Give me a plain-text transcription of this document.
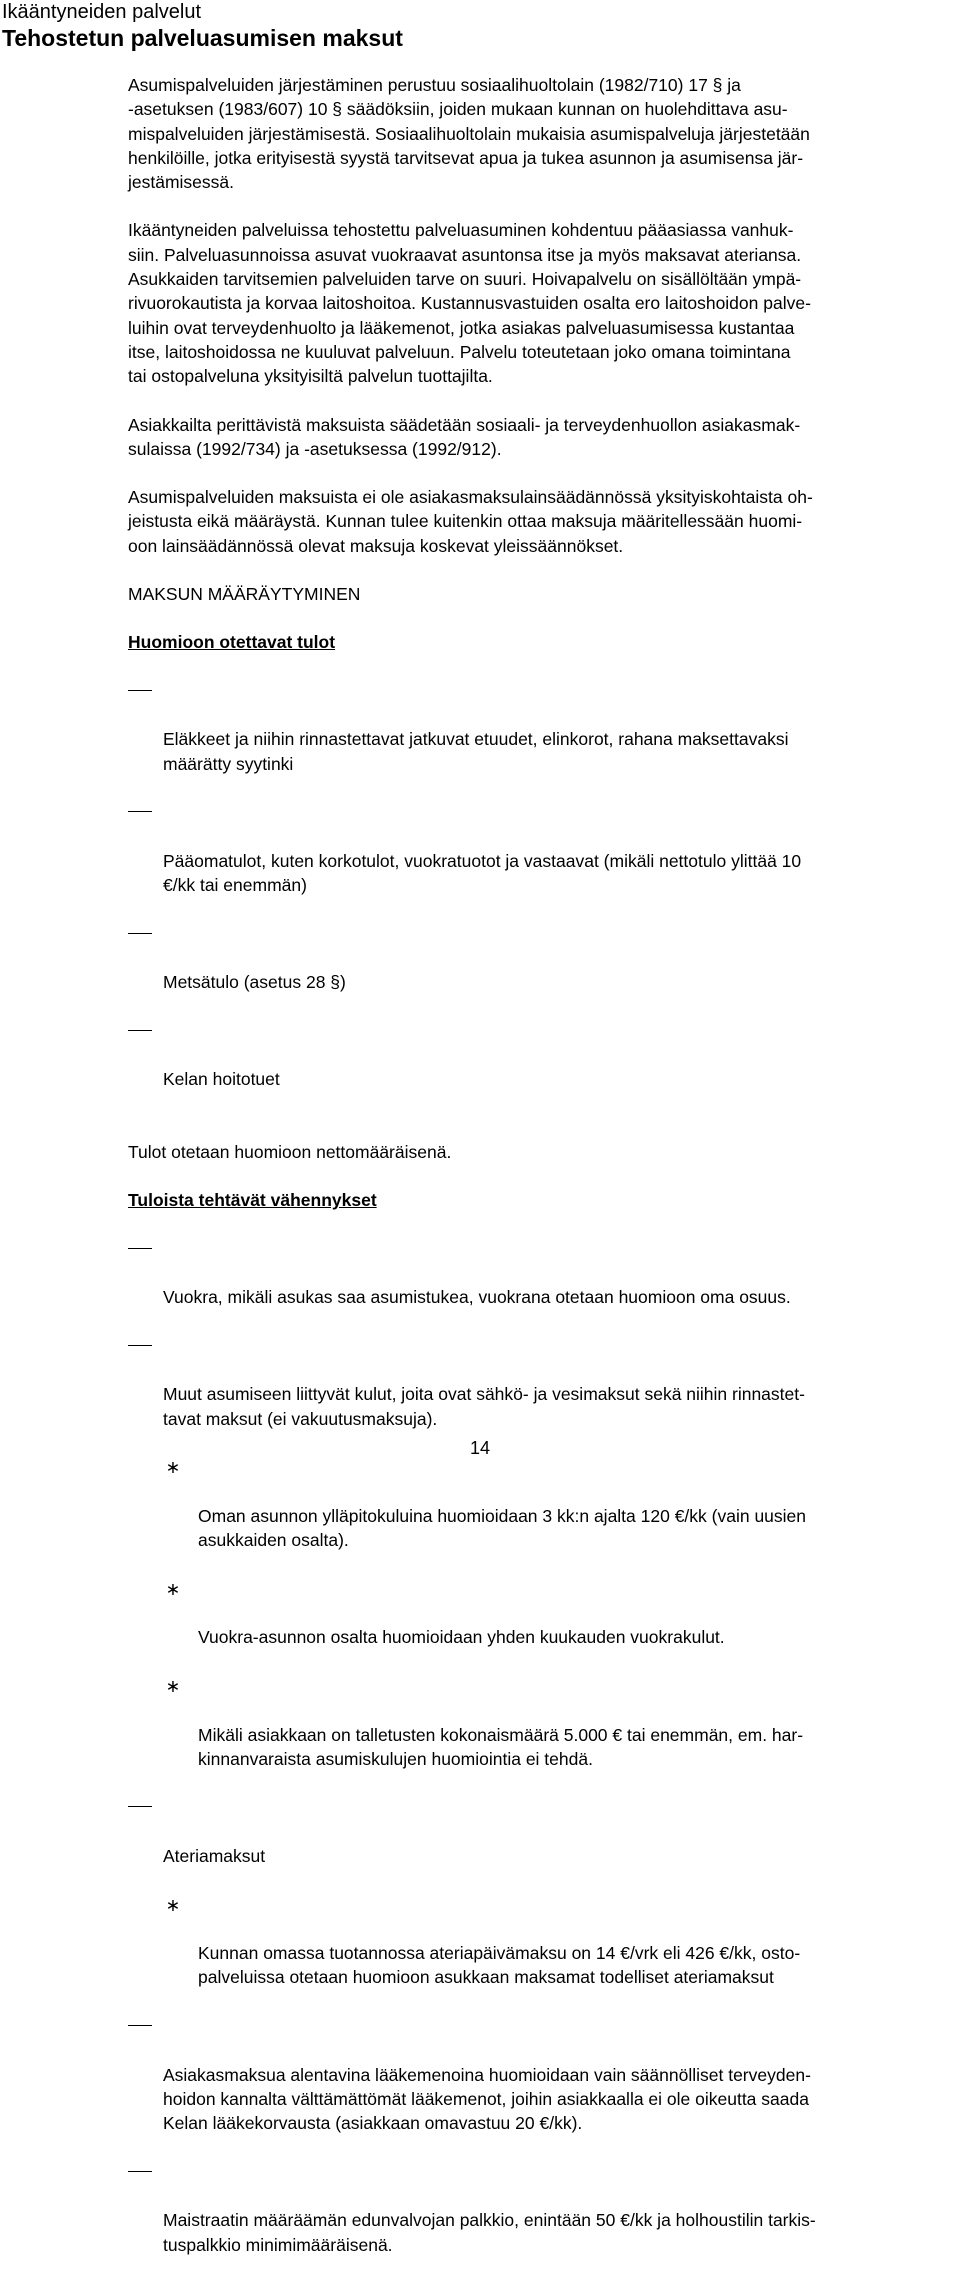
Ikääntyneiden palvelut
Tehostetun palveluasumisen maksut

Asumispalveluiden järjestäminen perustuu sosiaalihuoltolain (1982/710) 17 § ja
-asetuksen (1983/607) 10 § säädöksiin, joiden mukaan kunnan on huolehdittava asu-
mispalveluiden järjestämisestä. Sosiaalihuoltolain mukaisia asumispalveluja järjestetään
henkilöille, jotka erityisestä syystä tarvitsevat apua ja tukea asunnon ja asumisensa jär-
jestämisessä.

Ikääntyneiden palveluissa tehostettu palveluasuminen kohdentuu pääasiassa vanhuk-
siin. Palveluasunnoissa asuvat vuokraavat asuntonsa itse ja myös maksavat ateriansa.
Asukkaiden tarvitsemien palveluiden tarve on suuri. Hoivapalvelu on sisällöltään ympä-
rivuorokautista ja korvaa laitoshoitoa. Kustannusvastuiden osalta ero laitoshoidon palve-
luihin ovat terveydenhuolto ja lääkemenot, jotka asiakas palveluasumisessa kustantaa
itse, laitoshoidossa ne kuuluvat palveluun. Palvelu toteutetaan joko omana toimintana
tai ostopalveluna yksityisiltä palvelun tuottajilta.

Asiakkailta perittävistä maksuista säädetään sosiaali- ja terveydenhuollon asiakasmak-
sulaissa (1992/734) ja -asetuksessa (1992/912).

Asumispalveluiden maksuista ei ole asiakasmaksulainsäädännössä yksityiskohtaista oh-
jeistusta eikä määräystä. Kunnan tulee kuitenkin ottaa maksuja määritellessään huomi-
oon lainsäädännössä olevat maksuja koskevat yleissäännökset.

MAKSUN MÄÄRÄYTYMINEN
Huomioon otettavat tulot

Eläkkeet ja niihin rinnastettavat jatkuvat etuudet, elinkorot, rahana maksettavaksi
määrätty syytinki

Pääomatulot, kuten korkotulot, vuokratuotot ja vastaavat (mikäli nettotulo ylittää 10
€/kk tai enemmän)

Metsätulo (asetus 28 §)

Kelan hoitotuet

Tulot otetaan huomioon nettomääräisenä.
Tuloista tehtävät vähennykset

Vuokra, mikäli asukas saa asumistukea, vuokrana otetaan huomioon oma osuus.

Muut asumiseen liittyvät kulut, joita ovat sähkö- ja vesimaksut sekä niihin rinnastet-
tavat maksut (ei vakuutusmaksuja).

∗

Oman asunnon ylläpitokuluina huomioidaan 3 kk:n ajalta 120 €/kk (vain uusien
asukkaiden osalta).

∗

Vuokra-asunnon osalta huomioidaan yhden kuukauden vuokrakulut.

∗

Mikäli asiakkaan on talletusten kokonaismäärä 5.000 € tai enemmän, em. har-
kinnanvaraista asumiskulujen huomiointia ei tehdä.

Ateriamaksut

∗

Kunnan omassa tuotannossa ateriapäivämaksu on 14 €/vrk eli 426 €/kk, osto-
palveluissa otetaan huomioon asukkaan maksamat todelliset ateriamaksut

Asiakasmaksua alentavina lääkemenoina huomioidaan vain säännölliset terveyden-
hoidon kannalta välttämättömät lääkemenot, joihin asiakkaalla ei ole oikeutta saada
Kelan lääkekorvausta (asiakkaan omavastuu 20 €/kk).

Maistraatin määräämän edunvalvojan palkkio, enintään 50 €/kk ja holhoustilin tarkis-
tuspalkkio minimimääräisenä.

14
